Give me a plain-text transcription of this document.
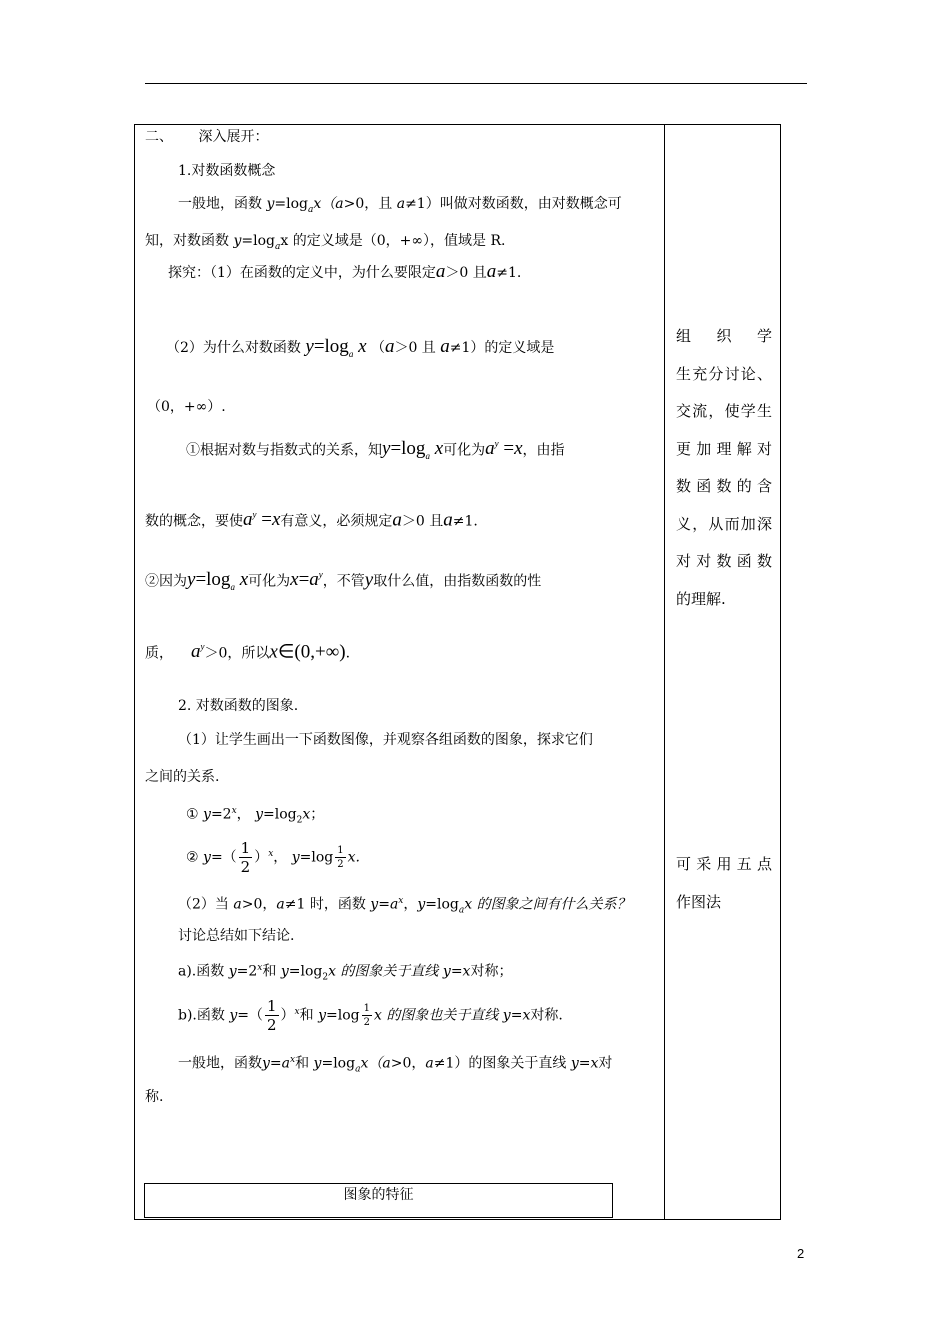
二、　　 深入展开：
1.对数函数概念
一般地，函数 $y=\log_ax(a>0$，且 a≠1）叫做对数函数，由对数概念可
知，对数函数 $y=\log_ax$ 的定义域是（0，+∞），值域是 R.
探究：（1）在函数的定义中，为什么要限定a＞0 且a≠1.
（2）为什么对数函数 $y=\log_a$ x （a＞0 且 a≠1）的定义域是
（0，+∞）.
①根据对数与指数式的关系，知$y=\log_a$ x可化为$a^y =x$，由指
数的概念，要使$a^y =x$有意义，必须规定a＞0 且a≠1.
②因为$y=\log_a$ x可化为$x=a^y$，不管y取什么值，由指数函数的性
质， $a^y>0$，所以x∈(0,+∞).
2. 对数函数的图象.
（1）让学生画出一下函数图像，并观察各组函数的图象，探求它们
之间的关系.
① $y=2^x$， $y=\log_2x$；
② $y=( \frac{1}{2} )^x$， $y=\log \frac{1}{2} x$.
（2）当 a>0，a≠1 时，函数 $y=a^x$，$y=\log_ax$ 的图象之间有什么关系？
讨论总结如下结论.
a).函数 $y=2^x$和 $y=\log_2x$ 的图象关于直线 y=x对称；
b).函数 $y=( \frac{1}{2} )^x$和 $y=\log \frac{1}{2}$ x 的图象也关于直线 y=x对称.
一般地，函数$y=a^x$和 $y=\log_ax(a>0$，a≠1）的图象关于直线 y=x对
称.
组 织 学
生充分讨论、
交流，使学生
更加理解对
数 函 数 的 含
义，从而加深
对 对 数 函 数
的理解.
可 采 用 五 点
作图法
图象的特征
2
